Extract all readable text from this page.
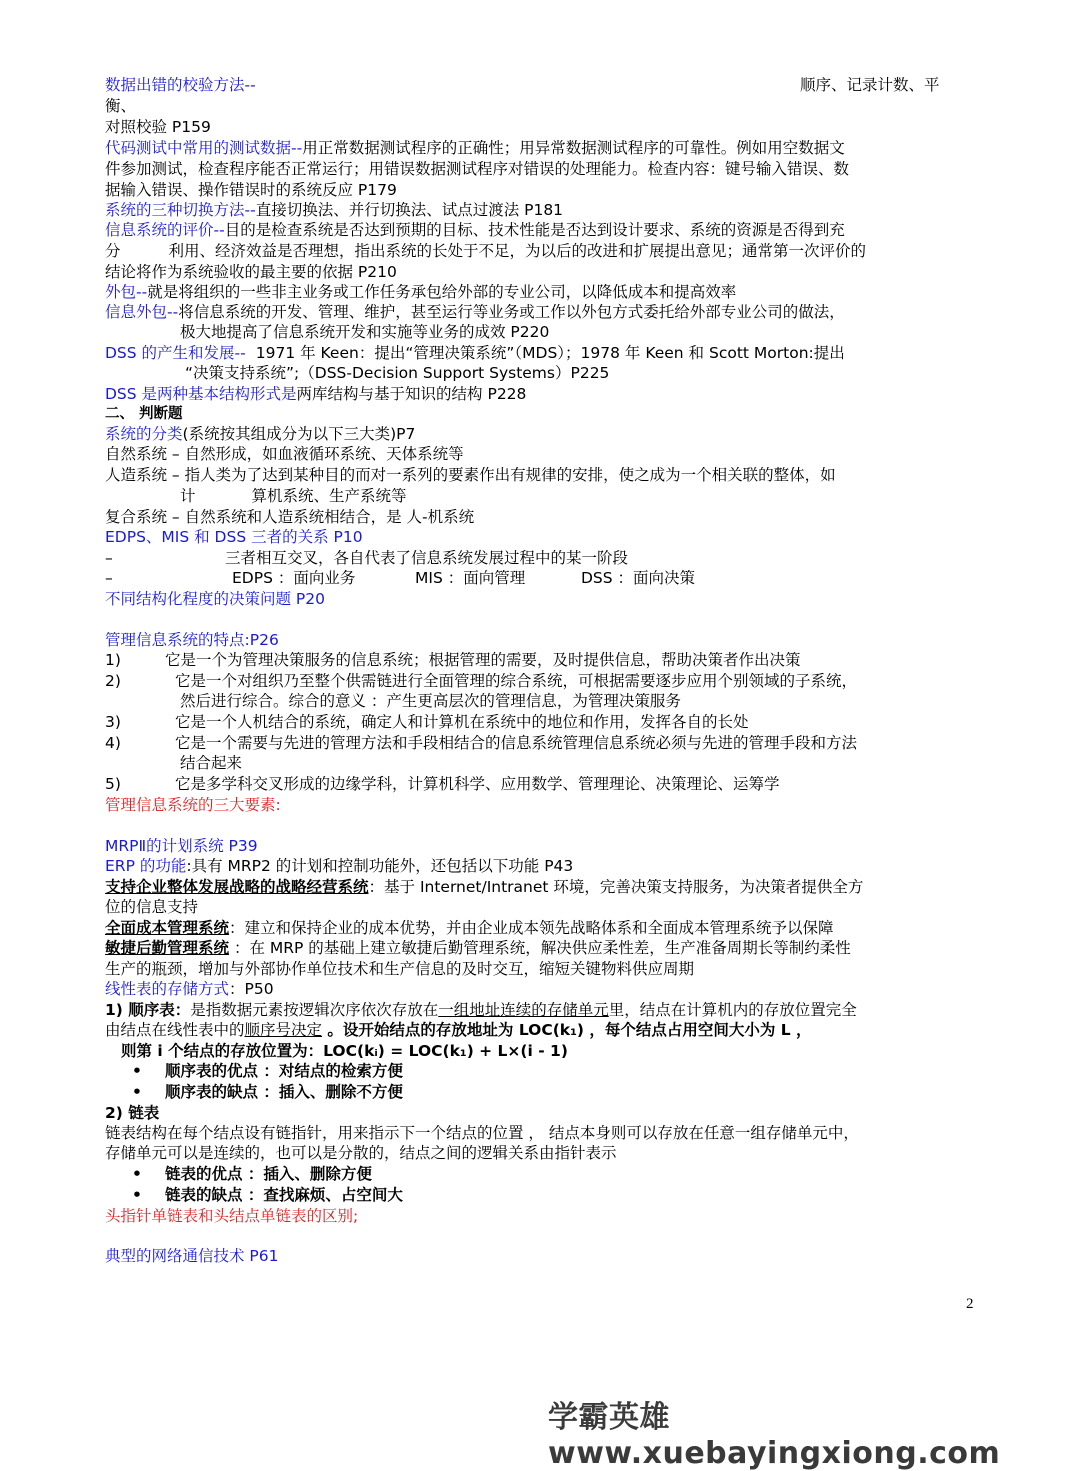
数据出错的校验方法--	顺序、记录计数、平
衡、
对照校验 P159
代码测试中常用的测试数据--用正常数据测试程序的正确性；用异常数据测试程序的可靠性。例如用空数据文
件参加测试，检查程序能否正常运行；用错误数据测试程序对错误的处理能力。检查内容：键号输入错误、数
据输入错误、操作错误时的系统反应 P179
系统的三种切换方法--直接切换法、并行切换法、试点过渡法 P181
信息系统的评价--目的是检查系统是否达到预期的目标、技术性能是否达到设计要求、系统的资源是否得到充
分	利用、经济效益是否理想，指出系统的长处于不足，为以后的改进和扩展提出意见；通常第一次评价的
结论将作为系统验收的最主要的依据 P210
外包--就是将组织的一些非主业务或工作任务承包给外部的专业公司，以降低成本和提高效率
信息外包--将信息系统的开发、管理、维护，甚至运行等业务或工作以外包方式委托给外部专业公司的做法，
极大地提高了信息系统开发和实施等业务的成效 P220
DSS 的产生和发展-- 1971 年 Keen：提出“管理决策系统”（MDS）；1978 年 Keen 和 Scott Morton:提出
“决策支持系统”;（DSS-Decision Support Systems）P225
DSS 是两种基本结构形式是两库结构与基于知识的结构 P228
二、 判断题
系统的分类(系统按其组成分为以下三大类)P7
自然系统 – 自然形成，如血液循环系统、天体系统等
人造系统 – 指人类为了达到某种目的而对一系列的要素作出有规律的安排，使之成为一个相关联的整体，如
计	算机系统、生产系统等
复合系统 – 自然系统和人造系统相结合，是 人-机系统
EDPS、MIS 和 DSS 三者的关系 P10
–	三者相互交叉，各自代表了信息系统发展过程中的某一阶段
–	EDPS ：面向业务	MIS ：面向管理	DSS ：面向决策
不同结构化程度的决策问题 P20
管理信息系统的特点:P26
1)	它是一个为管理决策服务的信息系统；根据管理的需要，及时提供信息，帮助决策者作出决策
2)	它是一个对组织乃至整个供需链进行全面管理的综合系统，可根据需要逐步应用个别领域的子系统，
然后进行综合。综合的意义 ：产生更高层次的管理信息，为管理决策服务
3)	它是一个人机结合的系统，确定人和计算机在系统中的地位和作用，发挥各自的长处
4)	它是一个需要与先进的管理方法和手段相结合的信息系统管理信息系统必须与先进的管理手段和方法
结合起来
5)	它是多学科交叉形成的边缘学科，计算机科学、应用数学、管理理论、决策理论、运筹学
管理信息系统的三大要素:
MRPⅡ的计划系统 P39
ERP 的功能:具有 MRP2 的计划和控制功能外，还包括以下功能 P43
支持企业整体发展战略的战略经营系统：基于 Internet/Intranet 环境，完善决策支持服务，为决策者提供全方
位的信息支持
全面成本管理系统：建立和保持企业的成本优势，并由企业成本领先战略体系和全面成本管理系统予以保障
敏捷后勤管理系统 ：在 MRP 的基础上建立敏捷后勤管理系统，解决供应柔性差，生产准备周期长等制约柔性
生产的瓶颈，增加与外部协作单位技术和生产信息的及时交互，缩短关键物料供应周期
线性表的存储方式：P50
1) 顺序表：是指数据元素按逻辑次序依次存放在一组地址连续的存储单元里，结点在计算机内的存放位置完全
由结点在线性表中的顺序号决定 。设开始结点的存放地址为 LOC(k₁) ，每个结点占用空间大小为 L ，
则第 i 个结点的存放位置为：LOC(kᵢ) = LOC(k₁) + L×(i - 1)
• 顺序表的优点 ：对结点的检索方便
• 顺序表的缺点 ：插入、删除不方便
2) 链表
链表结构在每个结点设有链指针，用来指示下一个结点的位置 ， 结点本身则可以存放在任意一组存储单元中，
存储单元可以是连续的，也可以是分散的，结点之间的逻辑关系由指针表示
• 链表的优点 ：插入、删除方便
• 链表的缺点 ：查找麻烦、占空间大
头指针单链表和头结点单链表的区别;
典型的网络通信技术 P61
2
学霸英雄 www.xuebayingxiong.com
